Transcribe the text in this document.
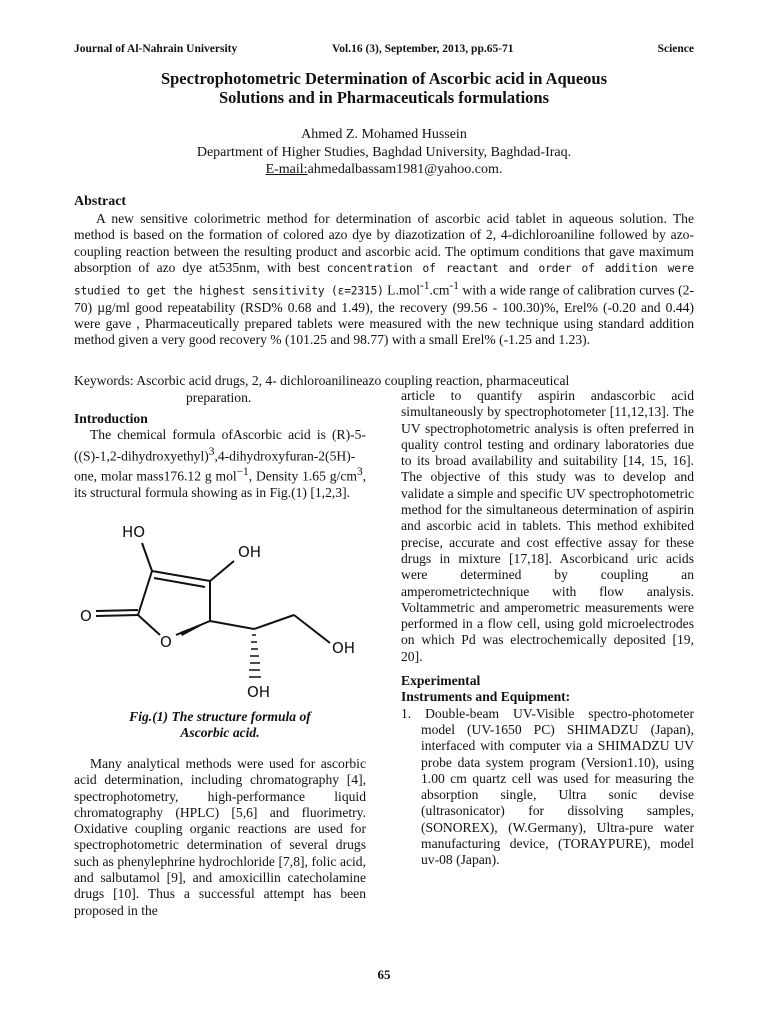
Journal of Al-Nahrain University	Vol.16 (3), September, 2013, pp.65-71	Science
Spectrophotometric Determination of Ascorbic acid in Aqueous
Solutions and in Pharmaceuticals formulations
Ahmed Z. Mohamed Hussein
Department of Higher Studies, Baghdad University, Baghdad-Iraq.
E-mail:ahmedalbassam1981@yahoo.com.
Abstract
A new sensitive colorimetric method for determination of ascorbic acid tablet in aqueous solution. The method is based on the formation of colored azo dye by diazotization of 2, 4-dichloroaniline followed by azo-coupling reaction between the resulting product and ascorbic acid. The optimum conditions that gave maximum absorption of azo dye at535nm, with best concentration of reactant and order of addition were studied to get the highest sensitivity (ε=2315) $L.mol^{-1}.cm^{-1}$ with a wide range of calibration curves (2-70) µg/ml good repeatability (RSD% 0.68 and 1.49), the recovery (99.56 - 100.30)%, Erel% (-0.20 and 0.44) were gave , Pharmaceutically prepared tablets were measured with the new technique using standard addition method given a very good recovery % (101.25 and 98.77) with a small Erel% (-1.25 and 1.23).
Keywords: Ascorbic acid drugs, 2, 4- dichloroanilineazo coupling reaction, pharmaceutical
preparation.
Introduction
The chemical formula ofAscorbic acid is (R)-5-((S)-1,2-dihydroxyethyl)$^3$,4-dihydroxyfuran-2(5H)-one, molar mass176.12 g mol$^{-1}$, Density 1.65 $g/cm^3$, its structural formula showing as in Fig.(1) [1,2,3].
HO
OH
O
O	OH
OH
Fig.(1) The structure formula of
Ascorbic acid.
Many analytical methods were used for ascorbic acid determination, including chromatography [4], spectrophotometry, high-performance liquid chromatography (HPLC) [5,6] and fluorimetry. Oxidative coupling organic reactions are used for spectrophotometric determination of several drugs such as phenylephrine hydrochloride [7,8], folic acid, and salbutamol [9], and amoxicillin catecholamine drugs [10]. Thus a successful attempt has been proposed in the
article to quantify aspirin andascorbic acid simultaneously by spectrophotometer [11,12,13]. The UV spectrophotometric analysis is often preferred in quality control testing and ordinary laboratories due to its broad availability and suitability [14, 15, 16]. The objective of this study was to develop and validate a simple and specific UV spectrophotometric method for the simultaneous determination of aspirin and ascorbic acid in tablets. This method exhibited precise, accurate and cost effective assay for these drugs in mixture [17,18]. Ascorbicand uric acids were determined by coupling an amperometrictechnique with flow analysis. Voltammetric and amperometric measurements were performed in a flow cell, using gold microelectrodes on which Pd was electrochemically deposited [19, 20].
Experimental
Instruments and Equipment:
1. Double-beam UV-Visible spectro-photometer model (UV-1650 PC) SHIMADZU (Japan), interfaced with computer via a SHIMADZU UV probe data system program (Version1.10), using 1.00 cm quartz cell was used for measuring the absorption single, Ultra sonic devise (ultrasonicator) for dissolving samples, (SONOREX), (W.Germany), Ultra-pure water manufacturing device, (TORAYPURE), model uv-08 (Japan).
65
